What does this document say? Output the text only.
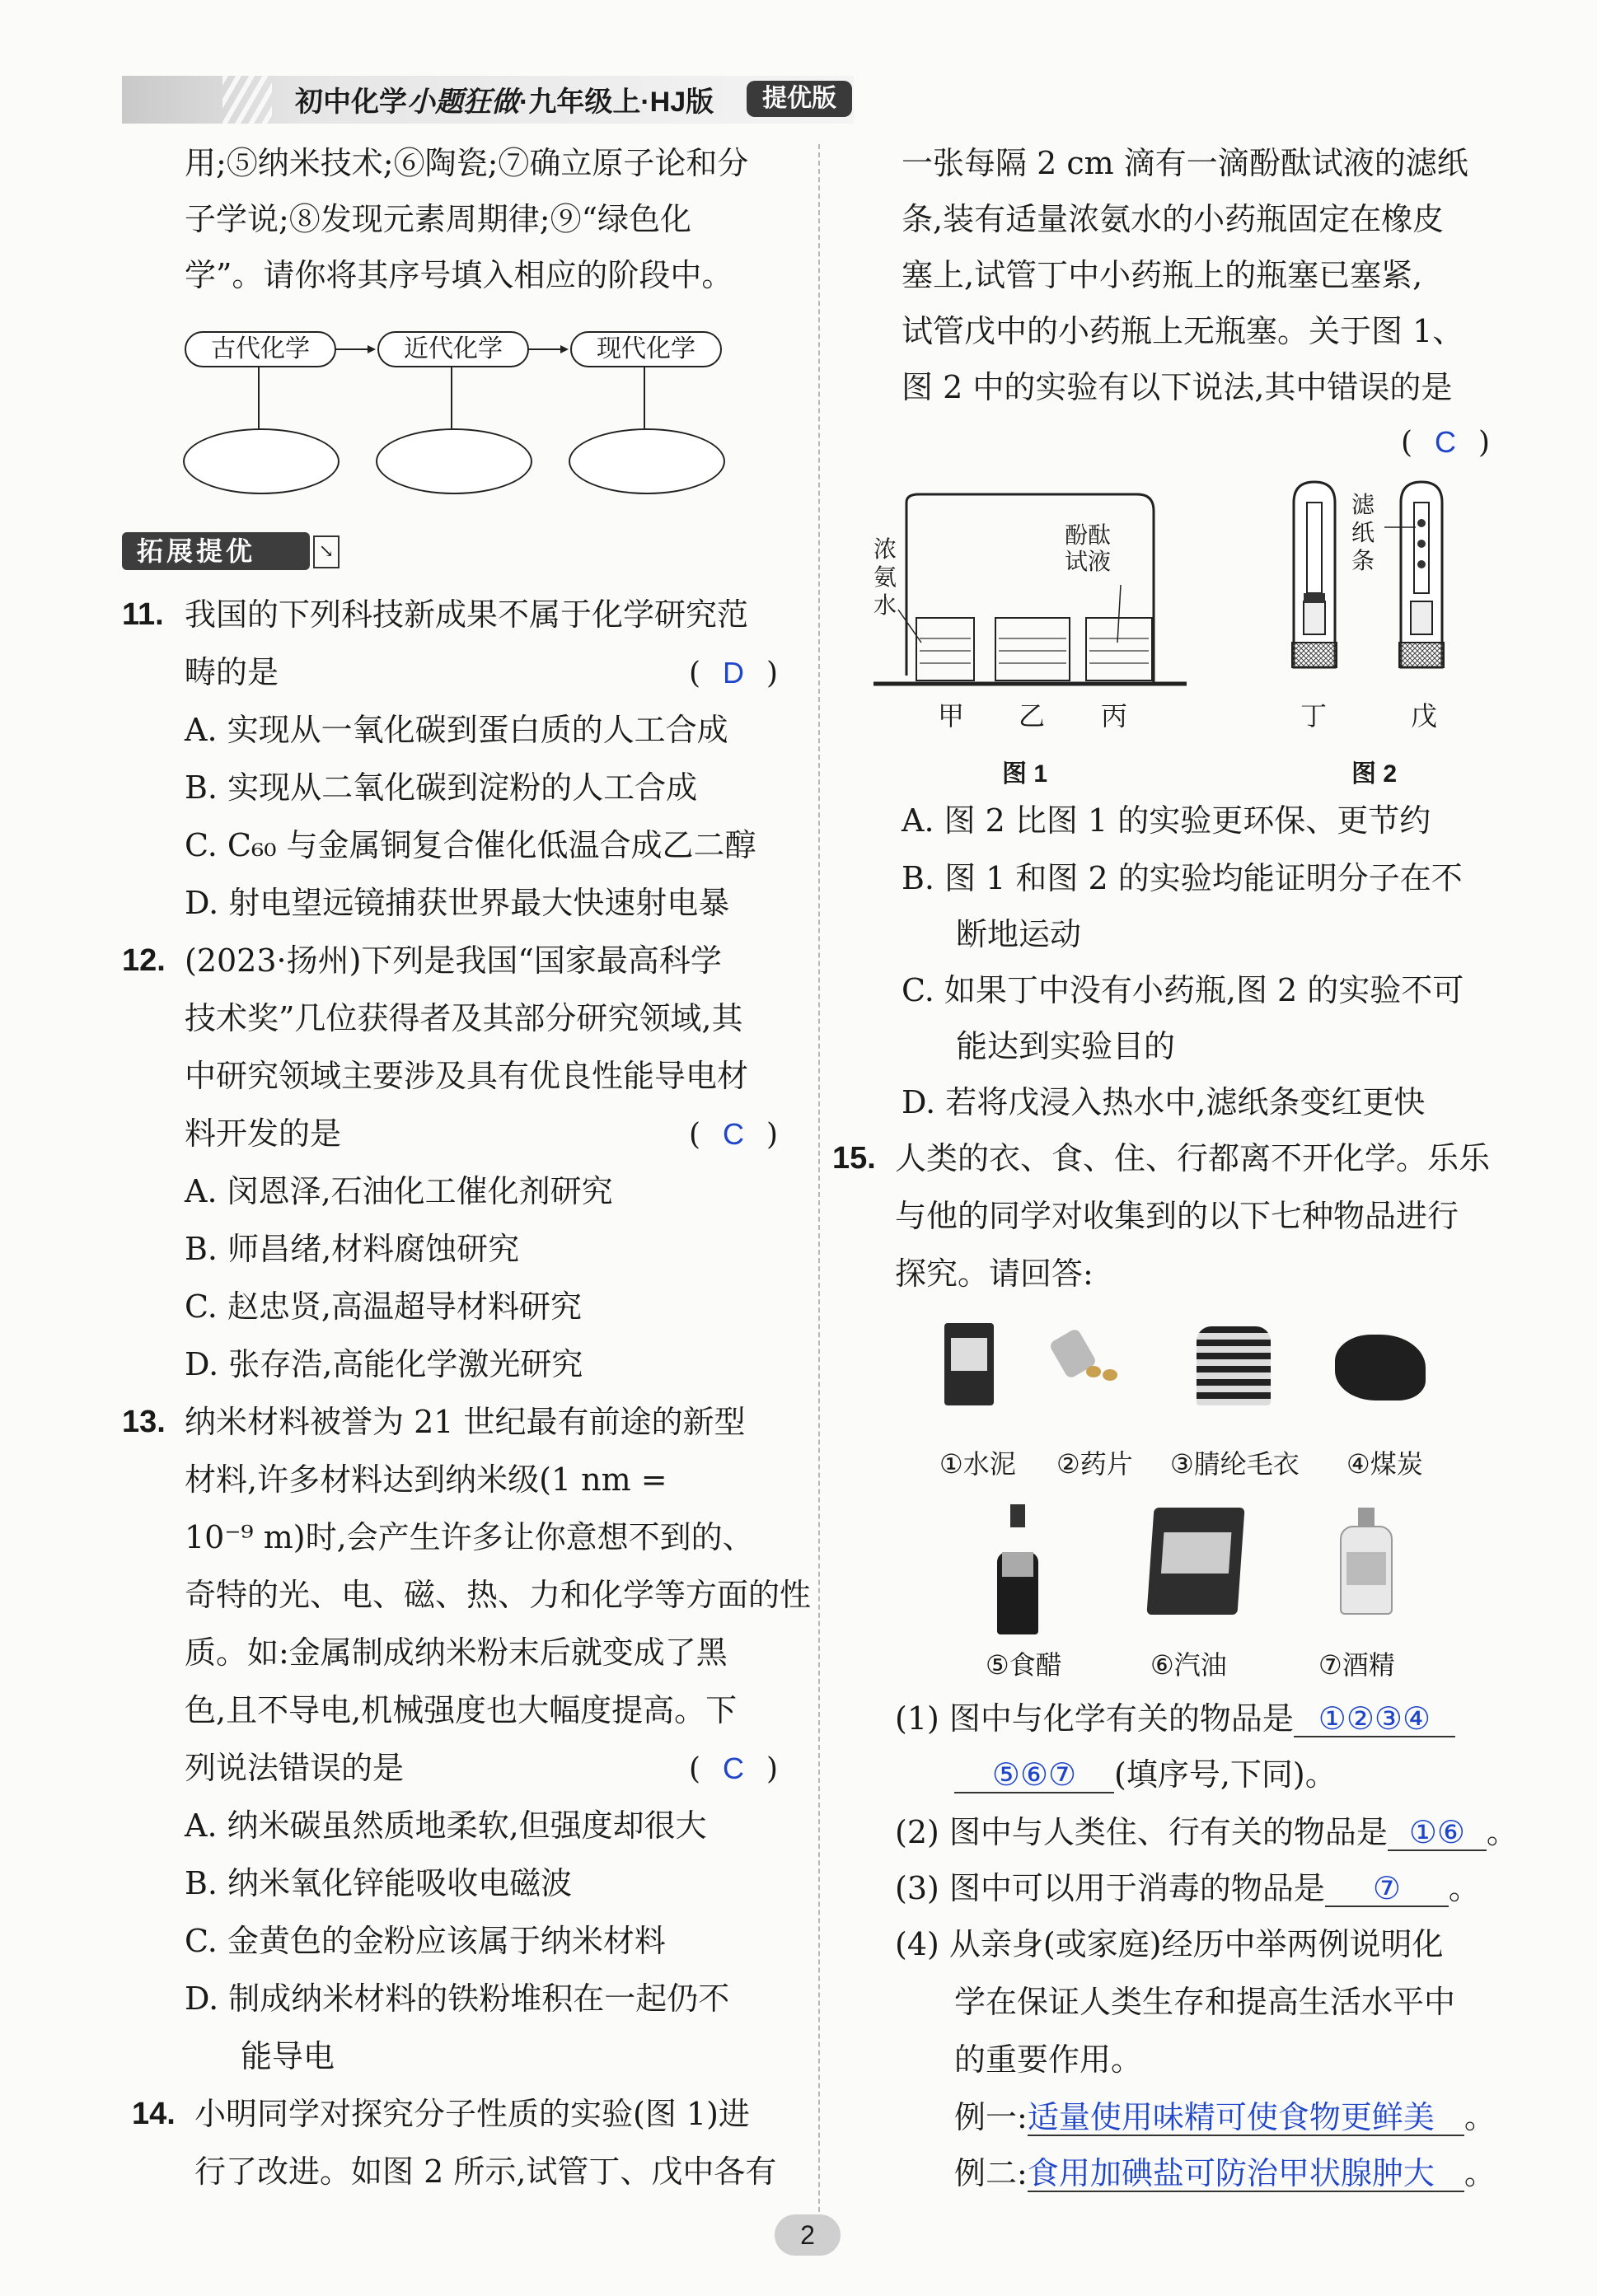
初中化学小题狂做·九年级上·HJ版	提优版
用;⑤纳米技术;⑥陶瓷;⑦确立原子论和分
子学说;⑧发现元素周期律;⑨“绿色化
学”。请你将其序号填入相应的阶段中。
古代化学	近代化学	现代化学
拓展提优	↘
11. 我国的下列科技新成果不属于化学研究范
畴的是	( D )
A. 实现从一氧化碳到蛋白质的人工合成
B. 实现从二氧化碳到淀粉的人工合成
C. C₆₀ 与金属铜复合催化低温合成乙二醇
D. 射电望远镜捕获世界最大快速射电暴
12. (2023·扬州)下列是我国“国家最高科学
技术奖”几位获得者及其部分研究领域,其
中研究领域主要涉及具有优良性能导电材
料开发的是	( C )
A. 闵恩泽,石油化工催化剂研究
B. 师昌绪,材料腐蚀研究
C. 赵忠贤,高温超导材料研究
D. 张存浩,高能化学激光研究
13. 纳米材料被誉为 21 世纪最有前途的新型
材料,许多材料达到纳米级(1 nm =
10⁻⁹ m)时,会产生许多让你意想不到的、
奇特的光、电、磁、热、力和化学等方面的性
质。如:金属制成纳米粉末后就变成了黑
色,且不导电,机械强度也大幅度提高。下
列说法错误的是	( C )
A. 纳米碳虽然质地柔软,但强度却很大
B. 纳米氧化锌能吸收电磁波
C. 金黄色的金粉应该属于纳米材料
D. 制成纳米材料的铁粉堆积在一起仍不
能导电
14. 小明同学对探究分子性质的实验(图 1)进
行了改进。如图 2 所示,试管丁、戊中各有
一张每隔 2 cm 滴有一滴酚酞试液的滤纸
条,装有适量浓氨水的小药瓶固定在橡皮
塞上,试管丁中小药瓶上的瓶塞已塞紧,
试管戊中的小药瓶上无瓶塞。关于图 1、
图 2 中的实验有以下说法,其中错误的是
( C )
浓氨水
酚酞试液
甲 乙 丙
图 1
滤纸条
丁	戊
图 2
A. 图 2 比图 1 的实验更环保、更节约
B. 图 1 和图 2 的实验均能证明分子在不
断地运动
C. 如果丁中没有小药瓶,图 2 的实验不可
能达到实验目的
D. 若将戊浸入热水中,滤纸条变红更快
15. 人类的衣、食、住、行都离不开化学。乐乐
与他的同学对收集到的以下七种物品进行
探究。请回答:
①水泥 ②药片 ③腈纶毛衣 ④煤炭
⑤食醋	⑥汽油	⑦酒精
(1) 图中与化学有关的物品是 ①②③④
⑤⑥⑦ (填序号,下同)。
(2) 图中与人类住、行有关的物品是 ①⑥ 。
(3) 图中可以用于消毒的物品是 ⑦ 。
(4) 从亲身(或家庭)经历中举两例说明化
学在保证人类生存和提高生活水平中
的重要作用。
例一:适量使用味精可使食物更鲜美 。
例二:食用加碘盐可防治甲状腺肿大 。
2
